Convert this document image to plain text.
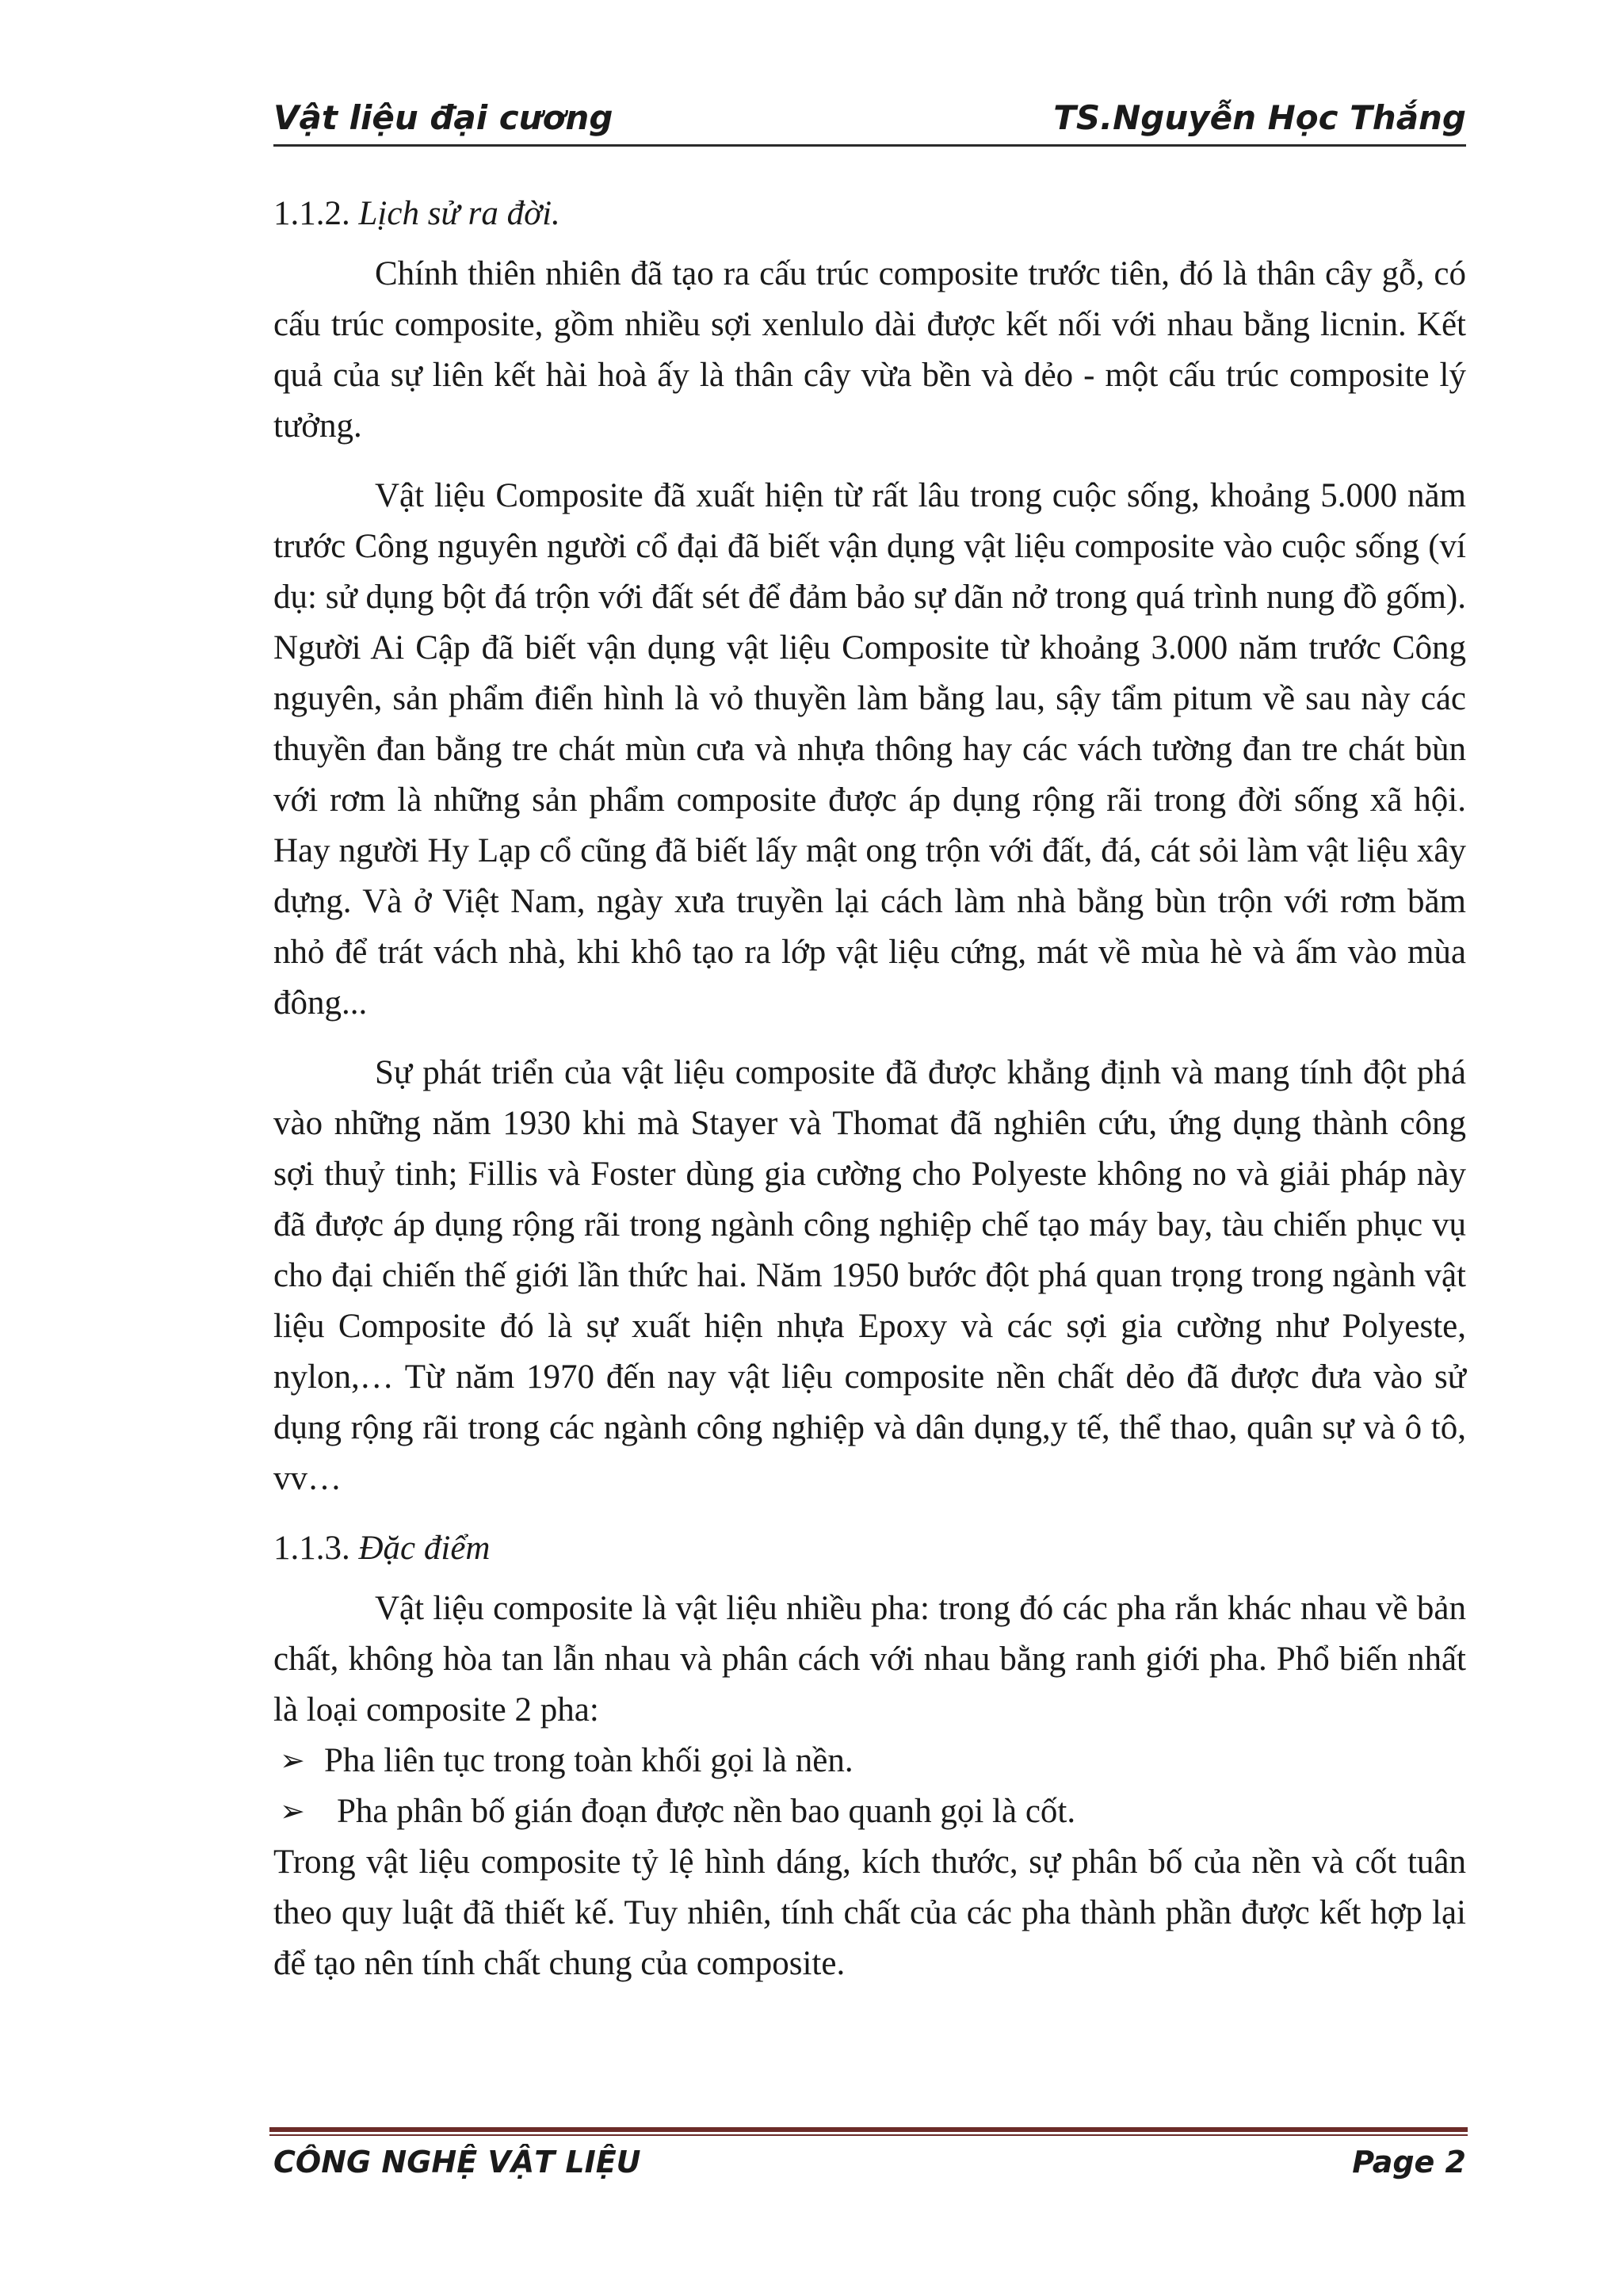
Vật liệu đại cương	TS.Nguyễn Học Thắng

1.1.2. Lịch sử ra đời.

Chính thiên nhiên đã tạo ra cấu trúc composite trước tiên, đó là thân cây gỗ, có cấu trúc composite, gồm nhiều sợi xenlulo dài được kết nối với nhau bằng licnin. Kết quả của sự liên kết hài hoà ấy là thân cây vừa bền và dẻo - một cấu trúc composite lý tưởng.

Vật liệu Composite đã xuất hiện từ rất lâu trong cuộc sống, khoảng 5.000 năm trước Công nguyên người cổ đại đã biết vận dụng vật liệu composite vào cuộc sống (ví dụ: sử dụng bột đá trộn với đất sét để đảm bảo sự dãn nở trong quá trình nung đồ gốm). Người Ai Cập đã biết vận dụng vật liệu Composite từ khoảng 3.000 năm trước Công nguyên, sản phẩm điển hình là vỏ thuyền làm bằng lau, sậy tẩm pitum về sau này các thuyền đan bằng tre chát mùn cưa và nhựa thông hay các vách tường đan tre chát bùn với rơm là những sản phẩm composite được áp dụng rộng rãi trong đời sống xã hội. Hay người Hy Lạp cổ cũng đã biết lấy mật ong trộn với đất, đá, cát sỏi làm vật liệu xây dựng. Và ở Việt Nam, ngày xưa truyền lại cách làm nhà bằng bùn trộn với rơm băm nhỏ để trát vách nhà, khi khô tạo ra lớp vật liệu cứng, mát về mùa hè và ấm vào mùa đông...

Sự phát triển của vật liệu composite đã được khẳng định và mang tính đột phá vào những năm 1930 khi mà Stayer và Thomat đã nghiên cứu, ứng dụng thành công sợi thuỷ tinh; Fillis và Foster dùng gia cường cho Polyeste không no và giải pháp này đã được áp dụng rộng rãi trong ngành công nghiệp chế tạo máy bay, tàu chiến phục vụ cho đại chiến thế giới lần thức hai. Năm 1950 bước đột phá quan trọng trong ngành vật liệu Composite đó là sự xuất hiện nhựa Epoxy và các sợi gia cường như Polyeste, nylon,… Từ năm 1970 đến nay vật liệu composite nền chất dẻo đã được đưa vào sử dụng rộng rãi trong các ngành công nghiệp và dân dụng,y tế, thể thao, quân sự và ô tô, vv…

1.1.3. Đặc điểm

Vật liệu composite là vật liệu nhiều pha: trong đó các pha rắn khác nhau về bản chất, không hòa tan lẫn nhau và phân cách với nhau bằng ranh giới pha. Phổ biến nhất là loại composite 2 pha:

➢ Pha liên tục trong toàn khối gọi là nền.
➢ Pha phân bố gián đoạn được nền bao quanh gọi là cốt.

Trong vật liệu composite tỷ lệ hình dáng, kích thước, sự phân bố của nền và cốt tuân theo quy luật đã thiết kế. Tuy nhiên, tính chất của các pha thành phần được kết hợp lại để tạo nên tính chất chung của composite.

CÔNG NGHỆ VẬT LIỆU	Page 2
